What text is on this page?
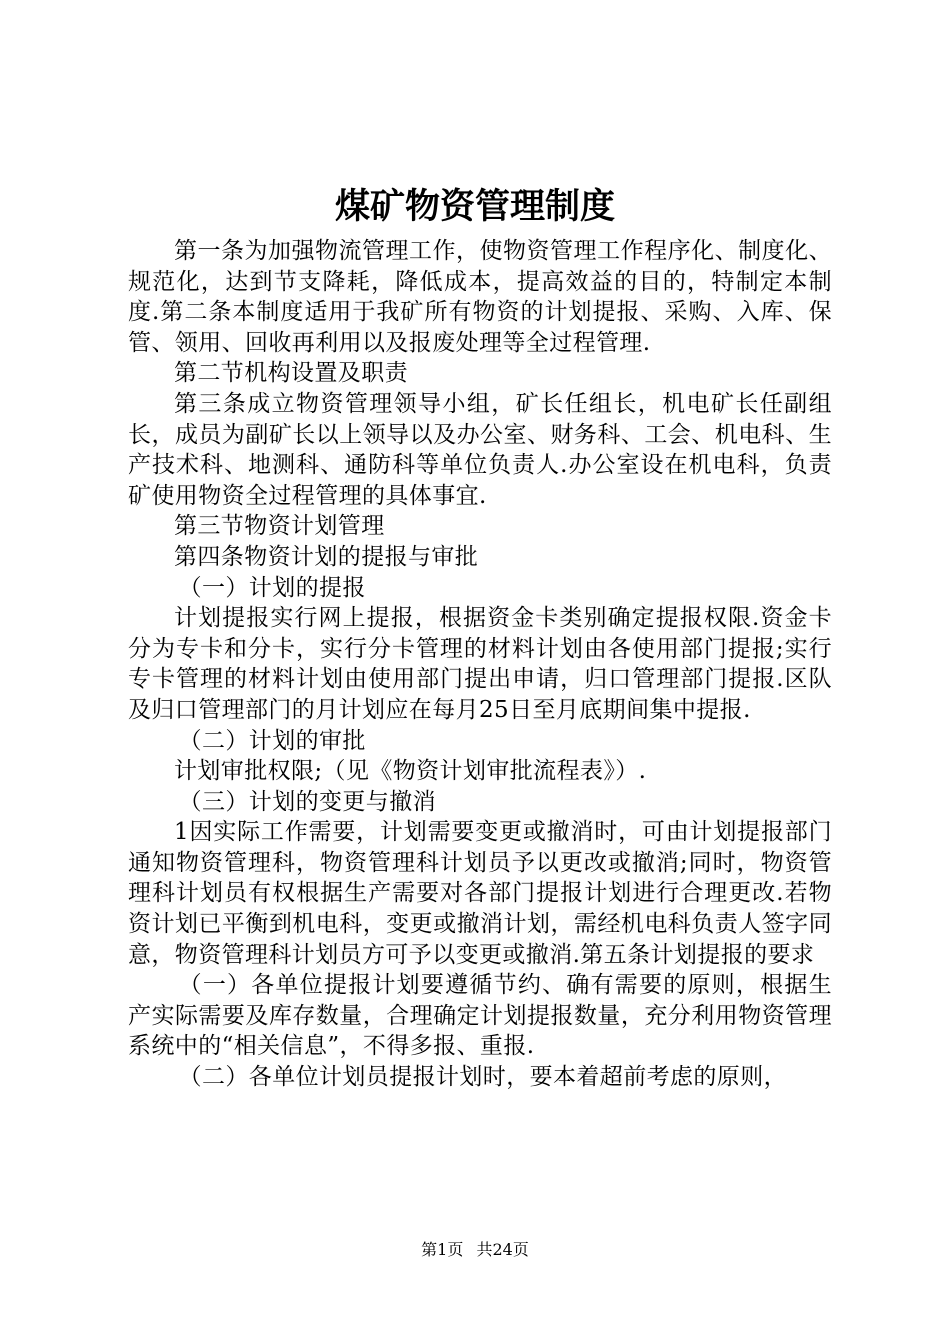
煤矿物资管理制度

第一条为加强物流管理工作，使物资管理工作程序化、制度化、规范化，达到节支降耗，降低成本，提高效益的目的，特制定本制度.第二条本制度适用于我矿所有物资的计划提报、采购、入库、保管、领用、回收再利用以及报废处理等全过程管理.

第二节机构设置及职责

第三条成立物资管理领导小组，矿长任组长，机电矿长任副组长，成员为副矿长以上领导以及办公室、财务科、工会、机电科、生产技术科、地测科、通防科等单位负责人.办公室设在机电科，负责矿使用物资全过程管理的具体事宜.

第三节物资计划管理

第四条物资计划的提报与审批

（一）计划的提报

计划提报实行网上提报，根据资金卡类别确定提报权限.资金卡分为专卡和分卡，实行分卡管理的材料计划由各使用部门提报;实行专卡管理的材料计划由使用部门提出申请，归口管理部门提报.区队及归口管理部门的月计划应在每月25日至月底期间集中提报.

（二）计划的审批

计划审批权限;（见《物资计划审批流程表》）.

（三）计划的变更与撤消

1因实际工作需要，计划需要变更或撤消时，可由计划提报部门通知物资管理科，物资管理科计划员予以更改或撤消;同时，物资管理科计划员有权根据生产需要对各部门提报计划进行合理更改.若物资计划已平衡到机电科，变更或撤消计划，需经机电科负责人签字同意，物资管理科计划员方可予以变更或撤消.第五条计划提报的要求

（一）各单位提报计划要遵循节约、确有需要的原则，根据生产实际需要及库存数量，合理确定计划提报数量，充分利用物资管理系统中的“相关信息”，不得多报、重报.

（二）各单位计划员提报计划时，要本着超前考虑的原则，

第1页 共24页
